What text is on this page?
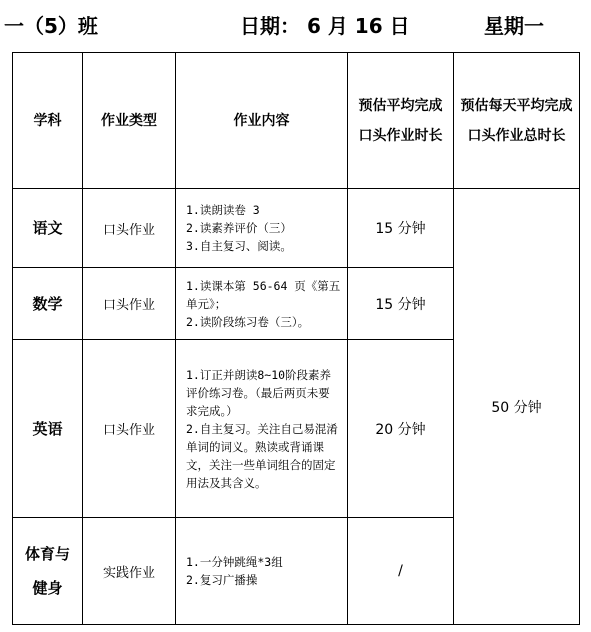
一（5）班	日期： 6 月 16 日	星期一
学科	作业类型	作业内容	预估平均完成口头作业时长	预估每天平均完成口头作业总时长
语文	口头作业	1.读朗读卷 3
2.读素养评价（三）
3.自主复习、阅读。	15 分钟	50 分钟
数学	口头作业	1.读课本第 56-64 页《第五单元》；
2.读阶段练习卷（三）。	15 分钟	
英语	口头作业	1.订正并朗读8~10阶段素养评价练习卷。（最后两页未要求完成。）
2.自主复习。关注自己易混淆单词的词义。熟读或背诵课文，关注一些单词组合的固定用法及其含义。	20 分钟	
体育与健身	实践作业	1.一分钟跳绳*3组
2.复习广播操	/	
